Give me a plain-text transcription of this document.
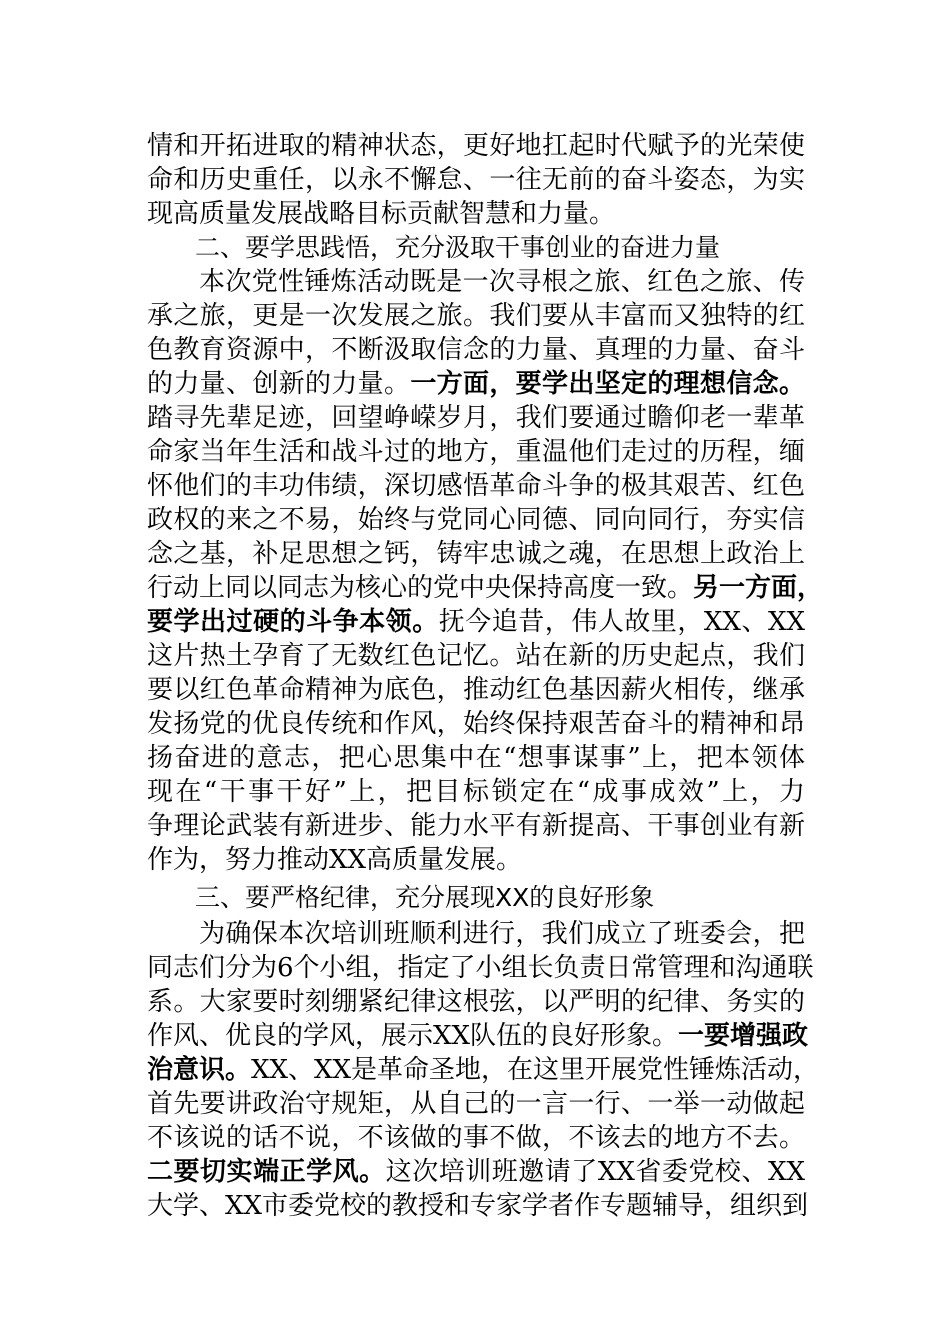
情和开拓进取的精神状态，更好地扛起时代赋予的光荣使
命和历史重任，以永不懈怠、一往无前的奋斗姿态，为实
现高质量发展战略目标贡献智慧和力量。
二、要学思践悟，充分汲取干事创业的奋进力量
本次党性锤炼活动既是一次寻根之旅、红色之旅、传
承之旅，更是一次发展之旅。我们要从丰富而又独特的红
色教育资源中，不断汲取信念的力量、真理的力量、奋斗
的力量、创新的力量。一方面，要学出坚定的理想信念。
踏寻先辈足迹，回望峥嵘岁月，我们要通过瞻仰老一辈革
命家当年生活和战斗过的地方，重温他们走过的历程，缅
怀他们的丰功伟绩，深切感悟革命斗争的极其艰苦、红色
政权的来之不易，始终与党同心同德、同向同行，夯实信
念之基，补足思想之钙，铸牢忠诚之魂，在思想上政治上
行动上同以同志为核心的党中央保持高度一致。另一方面，
要学出过硬的斗争本领。抚今追昔，伟人故里，XX、XX
这片热土孕育了无数红色记忆。站在新的历史起点，我们
要以红色革命精神为底色，推动红色基因薪火相传，继承
发扬党的优良传统和作风，始终保持艰苦奋斗的精神和昂
扬奋进的意志，把心思集中在“想事谋事”上，把本领体
现在“干事干好”上，把目标锁定在“成事成效”上，力
争理论武装有新进步、能力水平有新提高、干事创业有新
作为，努力推动XX高质量发展。
三、要严格纪律，充分展现XX的良好形象
为确保本次培训班顺利进行，我们成立了班委会，把
同志们分为6个小组，指定了小组长负责日常管理和沟通联
系。大家要时刻绷紧纪律这根弦，以严明的纪律、务实的
作风、优良的学风，展示XX队伍的良好形象。一要增强政
治意识。XX、XX是革命圣地，在这里开展党性锤炼活动，
首先要讲政治守规矩，从自己的一言一行、一举一动做起
不该说的话不说，不该做的事不做，不该去的地方不去。
二要切实端正学风。这次培训班邀请了XX省委党校、XX
大学、XX市委党校的教授和专家学者作专题辅导，组织到
